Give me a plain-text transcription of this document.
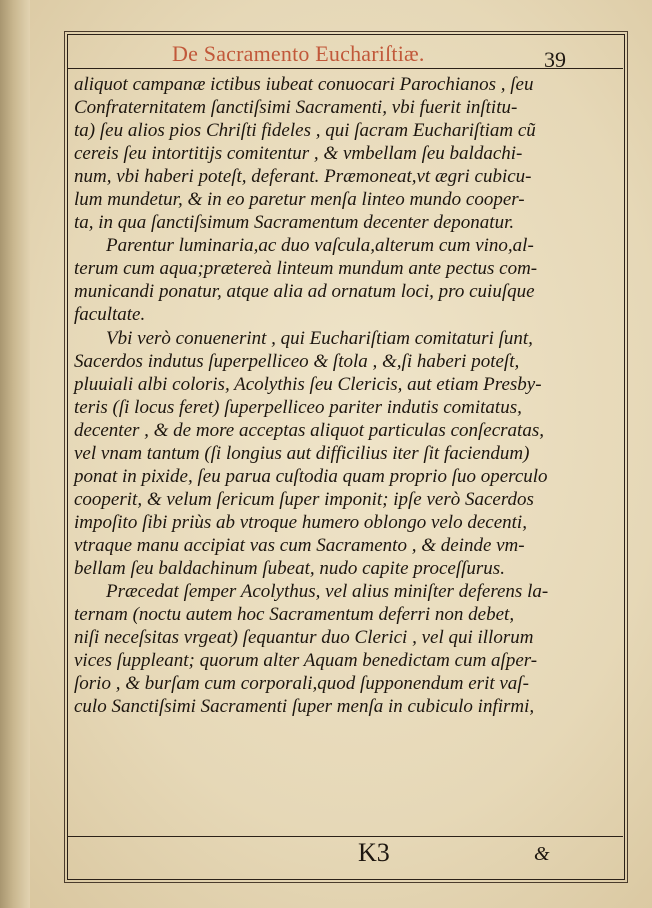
De Sacramento Euchariſtiæ.	39
aliquot campanæ ictibus iubeat conuocari Parochianos , ſeu
Confraternitatem ſanctiſsimi Sacramenti, vbi fuerit inſtitu-
ta) ſeu alios pios Chriſti fideles , qui ſacram Euchariſtiam cũ
cereis ſeu intortitijs comitentur , & vmbellam ſeu baldachi-
num, vbi haberi poteſt, deferant. Præmoneat,vt ægri cubicu-
lum mundetur, & in eo paretur menſa linteo mundo cooper-
ta, in qua ſanctiſsimum Sacramentum decenter deponatur.
Parentur luminaria,ac duo vaſcula,alterum cum vino,al-
terum cum aqua;prætereà linteum mundum ante pectus com-
municandi ponatur, atque alia ad ornatum loci, pro cuiuſque
facultate.
Vbi verò conuenerint , qui Euchariſtiam comitaturi ſunt,
Sacerdos indutus ſuperpelliceo & ſtola , &,ſi haberi poteſt,
pluuiali albi coloris, Acolythis ſeu Clericis, aut etiam Presby-
teris (ſi locus feret) ſuperpelliceo pariter indutis comitatus,
decenter , & de more acceptas aliquot particulas conſecratas,
vel vnam tantum (ſi longius aut difficilius iter ſit faciendum)
ponat in pixide, ſeu parua cuſtodia quam proprio ſuo operculo
cooperit, & velum ſericum ſuper imponit; ipſe verò Sacerdos
impoſito ſibi priùs ab vtroque humero oblongo velo decenti,
vtraque manu accipiat vas cum Sacramento , & deinde vm-
bellam ſeu baldachinum ſubeat, nudo capite proceſſurus.
Præcedat ſemper Acolythus, vel alius miniſter deferens la-
ternam (noctu autem hoc Sacramentum deferri non debet,
niſi neceſsitas vrgeat) ſequantur duo Clerici , vel qui illorum
vices ſuppleant; quorum alter Aquam benedictam cum aſper-
ſorio , & burſam cum corporali,quod ſupponendum erit vaſ-
culo Sanctiſsimi Sacramenti ſuper menſa in cubiculo infirmi,
K3	&
